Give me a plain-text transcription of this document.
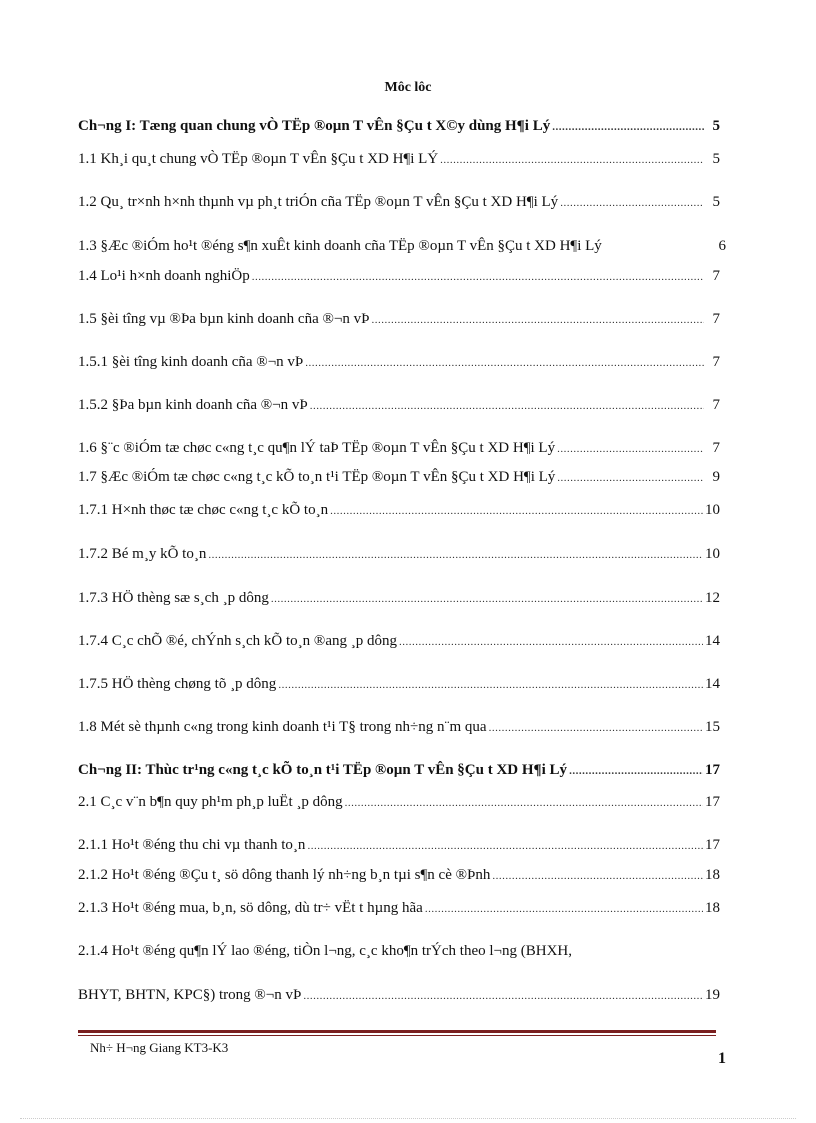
Môc lôc
Ch¬ng I: Tæng quan chung vÒ TËp ®oµn T vÊn §Çu t X©y dùng H¶i Lý .....	5
1.1 Kh¸i qu¸t chung vÒ TËp ®oµn T vÊn §Çu t XD H¶i LÝ .....	5
1.2 Qu¸ tr×nh h×nh thµnh vµ ph¸t triÓn cña TËp ®oµn T vÊn §Çu t XD H¶i Lý .....	5
1.3 §Æc ®iÓm ho¹t ®éng s¶n xuÊt kinh doanh cña TËp ®oµn T vÊn §Çu t XD H¶i Lý	6
1.4 Lo¹i h×nh doanh nghiÖp .....	7
1.5 §èi tîng vµ ®Þa bµn kinh doanh cña ®¬n vÞ .....	7
1.5.1 §èi tîng kinh doanh cña ®¬n vÞ .....	7
1.5.2 §Þa bµn kinh doanh cña ®¬n vÞ .....	7
1.6 §¨c ®iÓm tæ chøc c«ng t¸c qu¶n lÝ taÞ TËp ®oµn T vÊn §Çu t XD H¶i Lý .....	7
1.7 §Æc ®iÓm tæ chøc c«ng t¸c kÕ to¸n t¹i TËp ®oµn T vÊn §Çu t XD H¶i Lý .....	9
1.7.1 H×nh thøc tæ chøc c«ng t¸c kÕ to¸n .....	10
1.7.2 Bé m¸y kÕ to¸n .....	10
1.7.3 HÖ thèng sæ s¸ch ¸p dông .....	12
1.7.4 C¸c chÕ ®é, chÝnh s¸ch kÕ to¸n ®ang ¸p dông .....	14
1.7.5 HÖ thèng chøng tõ ¸p dông .....	14
1.8 Mét sè thµnh c«ng trong kinh doanh t¹i T§ trong nh÷ng n¨m qua .....	15
Ch¬ng II: Thùc tr¹ng c«ng t¸c kÕ to¸n t¹i TËp ®oµn T vÊn §Çu t XD H¶i Lý .....	17
2.1 C¸c v¨n b¶n quy ph¹m ph¸p luËt ¸p dông .....	17
2.1.1 Ho¹t ®éng thu chi vµ thanh to¸n .....	17
2.1.2 Ho¹t ®éng ®Çu t¸ sö dông thanh lý nh÷ng b¸n tµi s¶n cè ®Þnh .....	18
2.1.3 Ho¹t ®éng mua, b¸n, sö dông, dù tr÷ vËt t hµng hãa .....	18
2.1.4 Ho¹t ®éng qu¶n lÝ lao ®éng, tiÒn l¬ng, c¸c kho¶n trÝch theo l¬ng (BHXH,
BHYT, BHTN, KPC§) trong ®¬n vÞ .....	19
Nh÷ H¬ng Giang KT3-K3
1
